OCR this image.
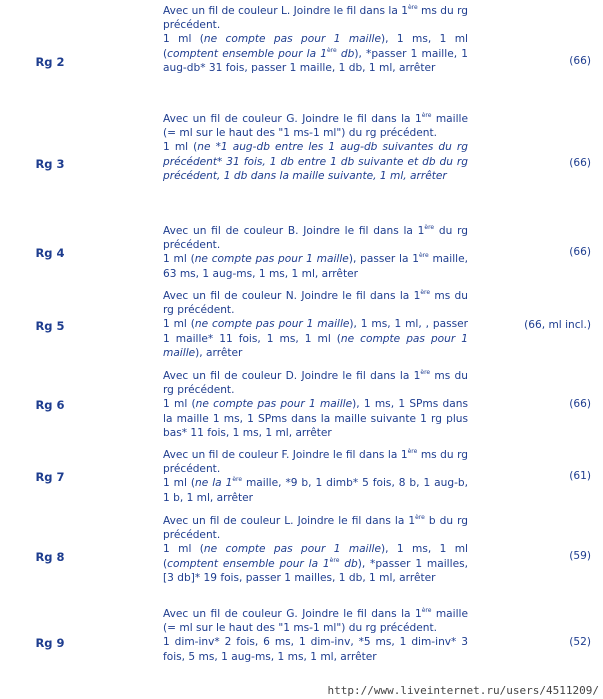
Rg 2

Avec un fil de couleur L. Joindre le fil dans la 1ère ms du rg précédent.

1 ml (ne compte pas pour 1 maille), 1 ms, 1 ml (comptent ensemble pour la 1ère db), *passer 1 maille, 1 aug-db* 31 fois, passer 1 maille, 1 db, 1 ml, arrêter

(66)
Rg 3

Avec un fil de couleur G. Joindre le fil dans la 1ère maille (= ml sur le haut des "1 ms-1 ml") du rg précédent.

1 ml (ne *1 aug-db entre les 1 aug-db suivantes du rg précédent* 31 fois, 1 db entre 1 db suivante et db du rg précédent, 1 db dans la maille suivante, 1 ml, arrêter

(66)
Rg 4

Avec un fil de couleur B. Joindre le fil dans la 1ère du rg précédent.

1 ml (ne compte pas pour 1 maille), passer la 1ère maille, 63 ms, 1 aug-ms, 1 ms, 1 ml, arrêter

(66)
Rg 5

Avec un fil de couleur N. Joindre le fil dans la 1ère ms du rg précédent.

1 ml (ne compte pas pour 1 maille), 1 ms, 1 ml, , passer 1 maille* 11 fois, 1 ms, 1 ml (ne compte pas pour 1 maille), arrêter

(66, ml incl.)
Rg 6

Avec un fil de couleur D. Joindre le fil dans la 1ère ms du rg précédent.

1 ml (ne compte pas pour 1 maille), 1 ms, 1 SPms dans la maille 1 ms, 1 SPms dans la maille suivante 1 rg plus bas* 11 fois, 1 ms, 1 ml, arrêter

(66)
Rg 7

Avec un fil de couleur F. Joindre le fil dans la 1ère ms du rg précédent.

1 ml (ne la 1ère maille, *9 b, 1 dimb* 5 fois, 8 b, 1 aug-b, 1 b, 1 ml, arrêter

(61)
Rg 8

Avec un fil de couleur L. Joindre le fil dans la 1ère b du rg précédent.

1 ml (ne compte pas pour 1 maille), 1 ms, 1 ml (comptent ensemble pour la 1ère db), *passer 1 mailles, [3 db]* 19 fois, passer 1 mailles, 1 db, 1 ml, arrêter

(59)
Rg 9

Avec un fil de couleur G. Joindre le fil dans la 1ère maille (= ml sur le haut des "1 ms-1 ml") du rg précédent.

1 dim-inv* 2 fois, 6 ms, 1 dim-inv, *5 ms, 1 dim-inv* 3 fois, 5 ms, 1 aug-ms, 1 ms, 1 ml, arrêter

(52)
http://www.liveinternet.ru/users/4511209/
